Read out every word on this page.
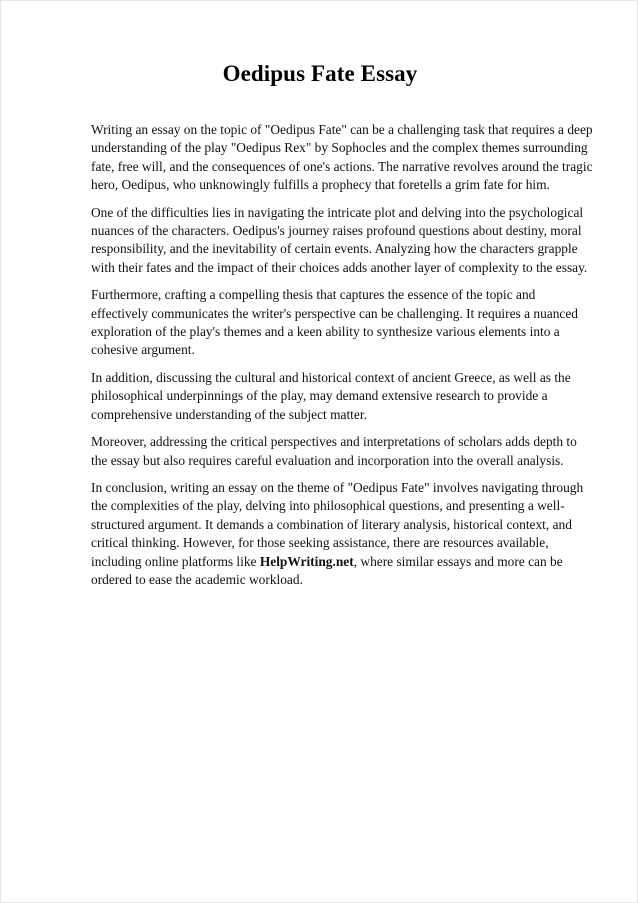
Oedipus Fate Essay

Writing an essay on the topic of "Oedipus Fate" can be a challenging task that requires a deep understanding of the play "Oedipus Rex" by Sophocles and the complex themes surrounding fate, free will, and the consequences of one's actions. The narrative revolves around the tragic hero, Oedipus, who unknowingly fulfills a prophecy that foretells a grim fate for him.

One of the difficulties lies in navigating the intricate plot and delving into the psychological nuances of the characters. Oedipus's journey raises profound questions about destiny, moral responsibility, and the inevitability of certain events. Analyzing how the characters grapple with their fates and the impact of their choices adds another layer of complexity to the essay.

Furthermore, crafting a compelling thesis that captures the essence of the topic and effectively communicates the writer's perspective can be challenging. It requires a nuanced exploration of the play's themes and a keen ability to synthesize various elements into a cohesive argument.

In addition, discussing the cultural and historical context of ancient Greece, as well as the philosophical underpinnings of the play, may demand extensive research to provide a comprehensive understanding of the subject matter.

Moreover, addressing the critical perspectives and interpretations of scholars adds depth to the essay but also requires careful evaluation and incorporation into the overall analysis.

In conclusion, writing an essay on the theme of "Oedipus Fate" involves navigating through the complexities of the play, delving into philosophical questions, and presenting a well-structured argument. It demands a combination of literary analysis, historical context, and critical thinking. However, for those seeking assistance, there are resources available, including online platforms like HelpWriting.net, where similar essays and more can be ordered to ease the academic workload.
